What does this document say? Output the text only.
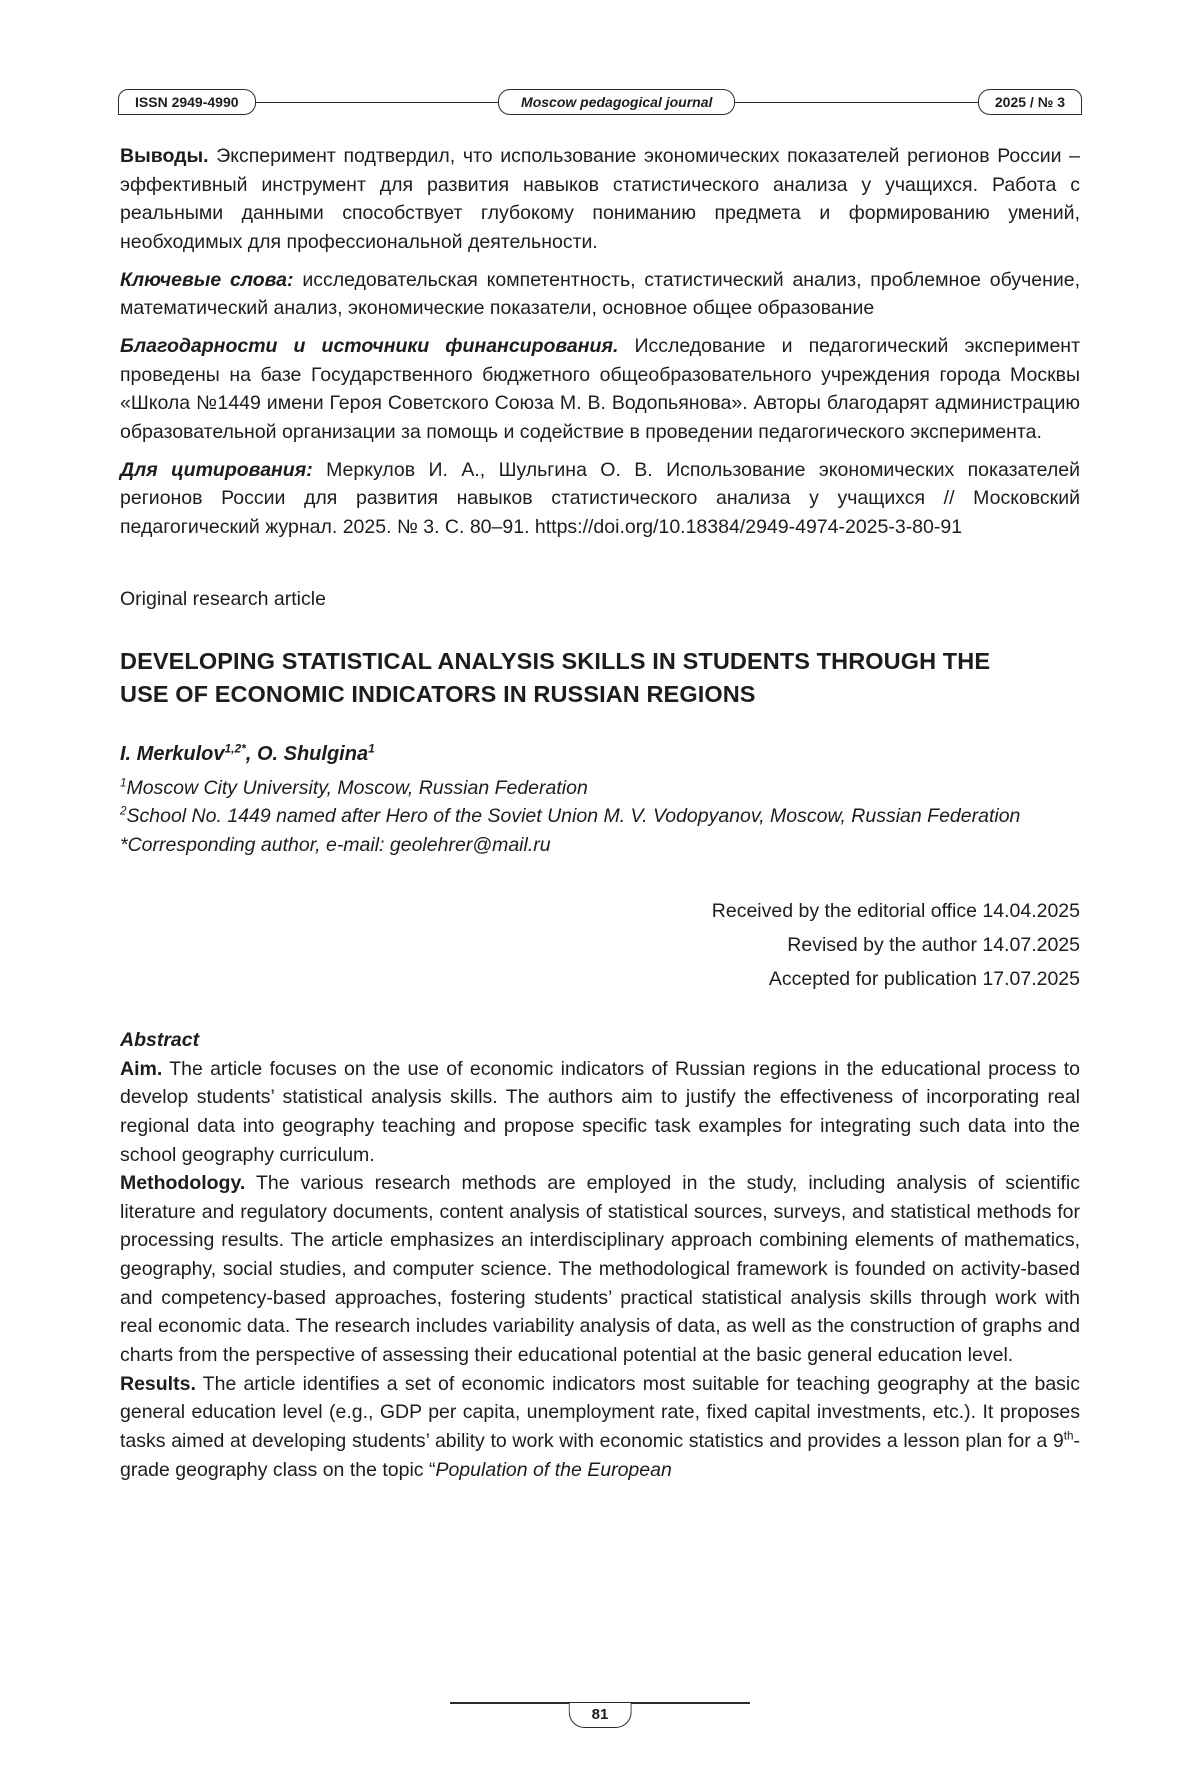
ISSN 2949-4990	Moscow pedagogical journal	2025 / № 3

Выводы. Эксперимент подтвердил, что использование экономических показателей регионов России – эффективный инструмент для развития навыков статистического анализа у учащихся. Работа с реальными данными способствует глубокому пониманию предмета и формированию умений, необходимых для профессиональной деятельности.

Ключевые слова: исследовательская компетентность, статистический анализ, проблемное обучение, математический анализ, экономические показатели, основное общее образование

Благодарности и источники финансирования. Исследование и педагогический эксперимент проведены на базе Государственного бюджетного общеобразовательного учреждения города Москвы «Школа №1449 имени Героя Советского Союза М. В. Водопьянова». Авторы благодарят администрацию образовательной организации за помощь и содействие в проведении педагогического эксперимента.

Для цитирования: Меркулов И. А., Шульгина О. В. Использование экономических показателей регионов России для развития навыков статистического анализа у учащихся // Московский педагогический журнал. 2025. № 3. С. 80–91. https://doi.org/10.18384/2949-4974-2025-3-80-91

Original research article
DEVELOPING STATISTICAL ANALYSIS SKILLS IN STUDENTS THROUGH THE USE OF ECONOMIC INDICATORS IN RUSSIAN REGIONS
I. Merkulov$^{1,2*}$, O. Shulgina$^1$

$^1$Moscow City University, Moscow, Russian Federation

$^2$School No. 1449 named after Hero of the Soviet Union M. V. Vodopyanov, Moscow, Russian Federation

*Corresponding author, e-mail: geolehrer@mail.ru

Received by the editorial office 14.04.2025
Revised by the author 14.07.2025
Accepted for publication 17.07.2025
Abstract

Aim. The article focuses on the use of economic indicators of Russian regions in the educational process to develop students’ statistical analysis skills. The authors aim to justify the effectiveness of incorporating real regional data into geography teaching and propose specific task examples for integrating such data into the school geography curriculum.

Methodology. The various research methods are employed in the study, including analysis of scientific literature and regulatory documents, content analysis of statistical sources, surveys, and statistical methods for processing results. The article emphasizes an interdisciplinary approach combining elements of mathematics, geography, social studies, and computer science. The methodological framework is founded on activity-based and competency-based approaches, fostering students’ practical statistical analysis skills through work with real economic data. The research includes variability analysis of data, as well as the construction of graphs and charts from the perspective of assessing their educational potential at the basic general education level.

Results. The article identifies a set of economic indicators most suitable for teaching geography at the basic general education level (e.g., GDP per capita, unemployment rate, fixed capital investments, etc.). It proposes tasks aimed at developing students’ ability to work with economic statistics and provides a lesson plan for a 9th-grade geography class on the topic “Population of the European

81
